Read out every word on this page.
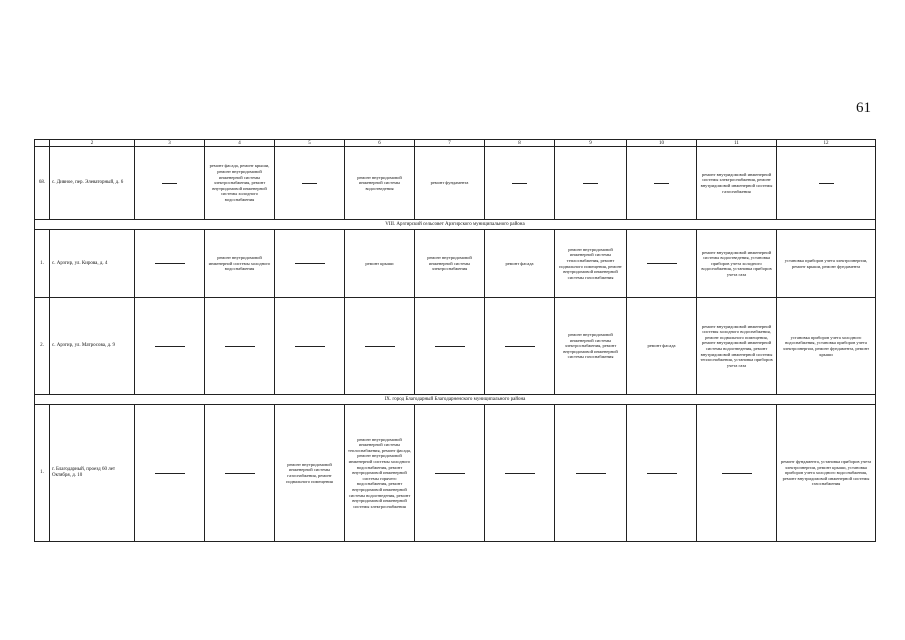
61
	2	3	4	5	6	7	8	9	10	11	12
68.	с. Дивное, пер. Элеваторный, д. 6		ремонт фасада, ремонт крыши, ремонт внутридомовой инженерной системы электроснабжения, ремонт внутридомовой инженерной системы холодного водоснабжения		ремонт внутридомовой инженерной системы водоотведения	ремонт фундамента				ремонт внутридомовой инженерной системы электроснабжения, ремонт внутридомовой инженерной системы газоснабжения	
VIII. Арзгирский сельсовет Арзгирского муниципального района											
1.	с. Арзгир, ул. Кирова, д. 4		ремонт внутридомовой инженерной системы холодного водоснабжения		ремонт крыши	ремонт внутридомовой инженерной системы электроснабжения	ремонт фасада	ремонт внутридомовой инженерной системы теплоснабжения, ремонт подвального помещения, ремонт внутридомовой инженерной системы газоснабжения		ремонт внутридомовой инженерной системы водоотведения, установка приборов учета холодного водоснабжения, установка приборов учета газа	установка приборов учета электроэнергии, ремонт крыши, ремонт фундамента
2.	с. Арзгир, ул. Матросова, д. 9							ремонт внутридомовой инженерной системы электроснабжения, ремонт внутридомовой инженерной системы газоснабжения	ремонт фасада	ремонт внутридомовой инженерной системы холодного водоснабжения, ремонт подвального помещения, ремонт внутридомовой инженерной системы водоотведения, ремонт внутридомовой инженерной системы теплоснабжения, установка приборов учета газа	установка приборов учета холодного водоснабжения, установка приборов учета электроэнергии, ремонт фундамента, ремонт крыши
IX. город Благодарный Благодарненского муниципального района											
1.	г. Благодарный, проезд 60 лет Октября, д. 10			ремонт внутридомовой инженерной системы газоснабжения, ремонт подвального помещения	ремонт внутридомовой инженерной системы теплоснабжения, ремонт фасада, ремонт внутридомовой инженерной системы холодного водоснабжения, ремонт внутридомовой инженерной системы горячего водоснабжения, ремонт внутридомовой инженерной системы водоотведения, ремонт внутридомовой инженерной системы электроснабжения						ремонт фундамента, установка приборов учета электроэнергии, ремонт крыши, установка приборов учета холодного водоснабжения, ремонт внутридомовой инженерной системы газоснабжения
